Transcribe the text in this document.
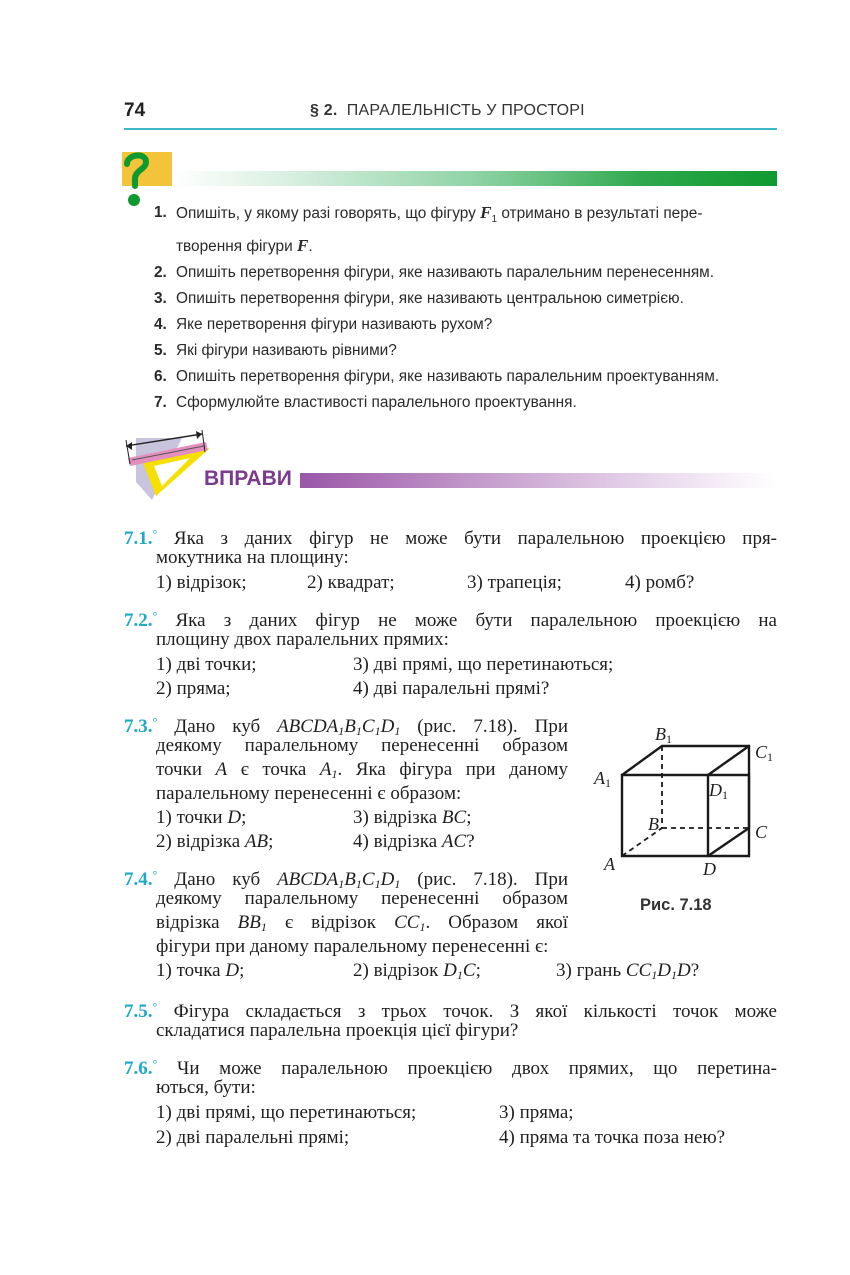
74	§ 2. ПАРАЛЕЛЬНІСТЬ У ПРОСТОРІ
1. Опишіть, у якому разі говорять, що фігуру $F_1$ отримано в результаті пере-
творення фігури F.
2. Опишіть перетворення фігури, яке називають паралельним перенесенням.
3. Опишіть перетворення фігури, яке називають центральною симетрією.
4. Яке перетворення фігури називають рухом?
5. Які фігури називають рівними?
6. Опишіть перетворення фігури, яке називають паралельним проектуванням.
7. Сформулюйте властивості паралельного проектування.
ВПРАВИ
7.1.° Яка з даних фігур не може бути паралельною проекцією пря-
мокутника на площину:
1) відрізок;	2) квадрат;	3) трапеція;	4) ромб?
7.2.° Яка з даних фігур не може бути паралельною проекцією на
площину двох паралельних прямих:
1) дві точки;	3) дві прямі, що перетинаються;
2) пряма;	4) дві паралельні прямі?
7.3.° Дано куб $ABCDA_1B_1C_1D_1$ (рис. 7.18). При
деякому паралельному перенесенні образом
точки A є точка $A_1$. Яка фігура при даному
паралельному перенесенні є образом:
1) точки D;	3) відрізка BC;
2) відрізка AB;	4) відрізка AC?
7.4.° Дано куб $ABCDA_1B_1C_1D_1$ (рис. 7.18). При
деякому паралельному перенесенні образом
відрізка $BB_1$ є відрізок $CC_1$. Образом якої
фігури при даному паралельному перенесенні є:
1) точка D;	2) відрізок $D_1C$;	3) грань $CC_1D_1D$?
7.5.° Фігура складається з трьох точок. З якої кількості точок може
складатися паралельна проекція цієї фігури?
7.6.° Чи може паралельною проекцією двох прямих, що перетина-
ються, бути:
1) дві прямі, що перетинаються;	3) пряма;
2) дві паралельні прямі;	4) пряма та точка поза нею?
$B_1$
$C_1$
$A_1$	$D_1$
B	C
A	D
Рис. 7.18
